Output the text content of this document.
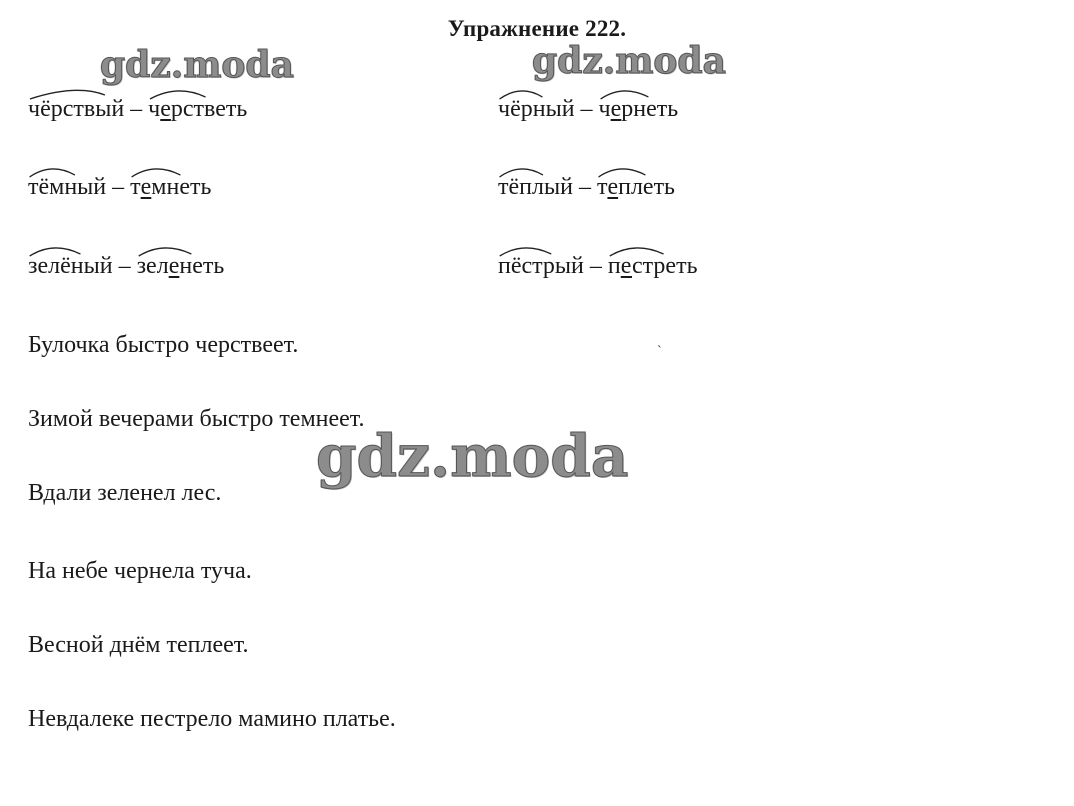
Упражнение 222.
gdz.moda	gdz.moda
gdz.moda
ˋ
чёрствый – черстветь	чёрный – чернеть
тёмный – темнеть	тёплый – теплеть
зелёный – зеленеть	пёстрый – пестреть
Булочка быстро черствеет.
Зимой вечерами быстро темнеет.
Вдали зеленел лес.
На небе чернела туча.
Весной днём теплеет.
Невдалеке пестрело мамино платье.
